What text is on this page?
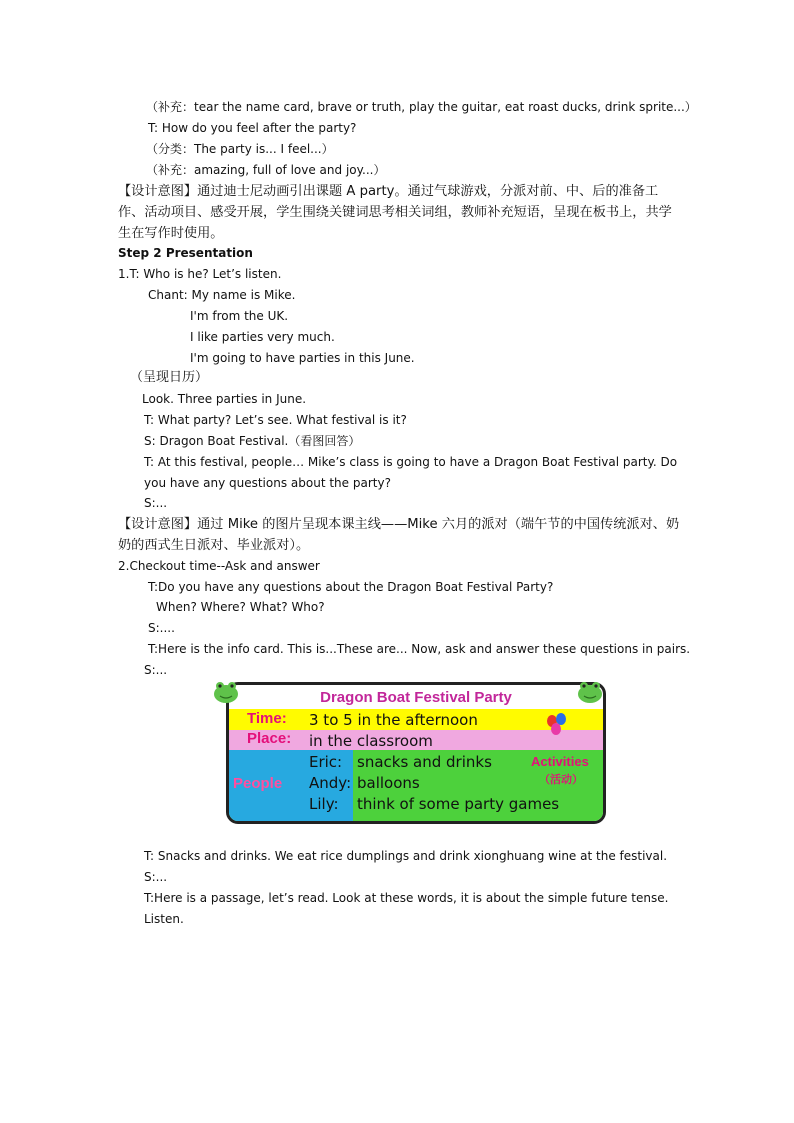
（补充：tear the name card, brave or truth, play the guitar, eat roast ducks, drink sprite...）
T: How do you feel after the party?
（分类：The party is... I feel...）
（补充：amazing, full of love and joy...）
【设计意图】通过迪士尼动画引出课题 A party。通过气球游戏，分派对前、中、后的准备工作、活动项目、感受开展，学生围绕关键词思考相关词组，教师补充短语，呈现在板书上，共学生在写作时使用。
Step 2 Presentation
1.T: Who is he? Let’s listen.
Chant: My name is Mike.
I'm from the UK.
I like parties very much.
I'm going to have parties in this June.
（呈现日历）
Look. Three parties in June.
T: What party? Let’s see. What festival is it?
S: Dragon Boat Festival.（看图回答）
T: At this festival, people… Mike’s class is going to have a Dragon Boat Festival party. Do you have any questions about the party?
S:...
【设计意图】通过 Mike 的图片呈现本课主线——Mike 六月的派对（端午节的中国传统派对、奶奶的西式生日派对、毕业派对）。
2.Checkout time--Ask and answer
T:Do you have any questions about the Dragon Boat Festival Party?
When? Where? What? Who?
S:....
T:Here is the info card. This is...These are... Now, ask and answer these questions in pairs.
S:...
Dragon Boat Festival Party
Time: 3 to 5 in the afternoon
Place: in the classroom
People
Eric:
Andy:
Lily:
snacks and drinks
balloons
think of some party games
Activities
（活动）
T: Snacks and drinks. We eat rice dumplings and drink xionghuang wine at the festival.
S:...
T:Here is a passage, let’s read. Look at these words, it is about the simple future tense. Listen.
